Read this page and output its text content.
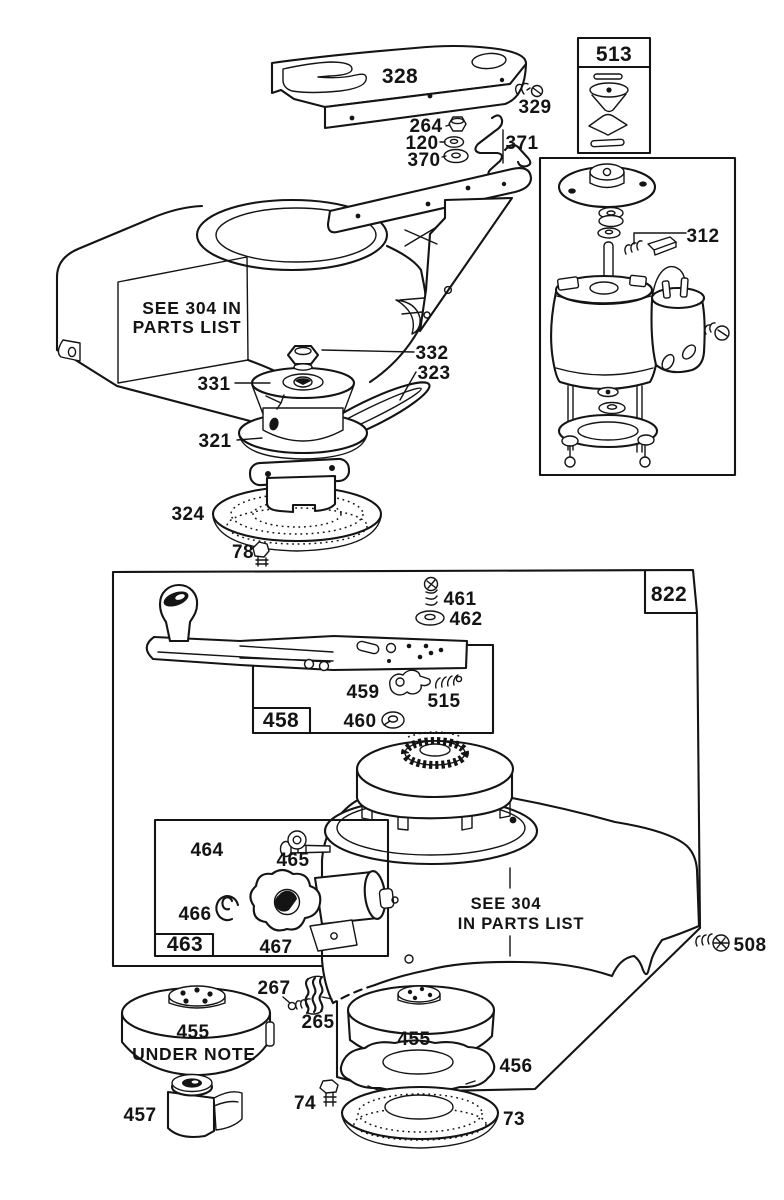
328
329
264
120
370
371
513
312
332
323
331
321
324
78
822
461
462
459	515
458 460
464	465
466
463	467	508
267
265
455
457
74
455
456
73
SEE 304 IN
PARTS LIST
SEE 304
IN PARTS LIST
UNDER NOTE
